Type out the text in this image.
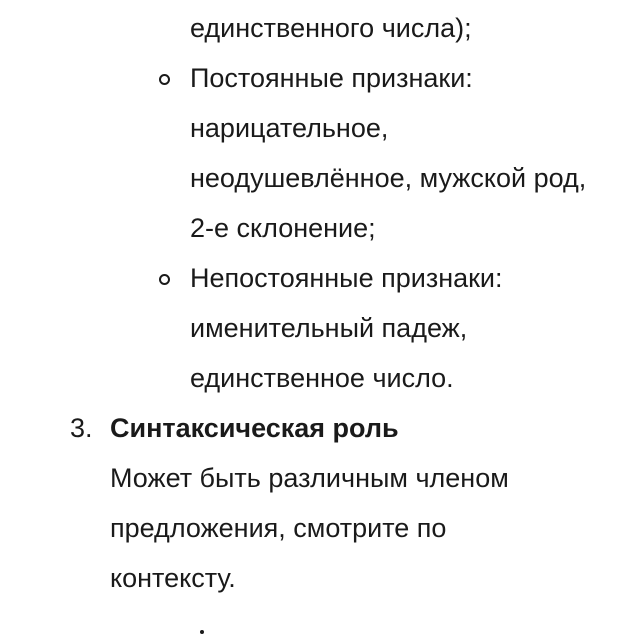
единственного числа);
Постоянные признаки:
нарицательное,
неодушевлённое, мужской род,
2-е склонение;
Непостоянные признаки:
именительный падеж,
единственное число.
3. Синтаксическая роль
Может быть различным членом
предложения, смотрите по
контексту.
